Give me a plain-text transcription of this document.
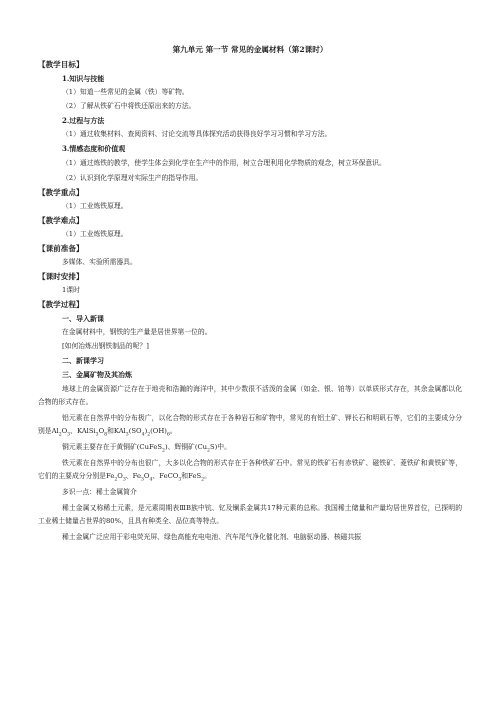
第九单元 第一节 常见的金属材料（第2课时）
【教学目标】
1.知识与技能
（1）知道一些常见的金属（铁）等矿物。
（2）了解从铁矿石中将铁还原出来的方法。
2.过程与方法
（1）通过收集材料、查阅资料、讨论交流等具体探究活动获得良好学习习惯和学习方法。
3.情感态度和价值观
（1）通过炼铁的教学，使学生体会到化学在生产中的作用，树立合理利用化学物质的观念，树立环保意识。
（2）认识到化学原理对实际生产的指导作用。
【教学重点】
（1）工业炼铁原理。
【教学难点】
（1）工业炼铁原理。
【课前准备】
多媒体、实验所需器具。
【课时安排】
1课时
【教学过程】
一、导入新课
在金属材料中，钢铁的生产量是居世界第一位的。
[如何冶炼出钢铁制品的呢？]
二、新课学习
三、金属矿物及其冶炼
地球上的金属资源广泛存在于地壳和浩瀚的海洋中，其中少数很不活泼的金属（如金、银、铂等）以单质形式存在，其余金属都以化合物的形式存在。
铝元素在自然界中的分布极广，以化合物的形式存在于各种岩石和矿物中，常见的有铝土矿、钾长石和明矾石等，它们的主要成分分别是$Al_2O_3$、$KAlSi_3O_8$和$KAl_3(SO_4)_2(OH)_6$。
铜元素主要存在于黄铜矿(CuFeS$_2$)、辉铜矿$(Cu_2S)$中。
铁元素在自然界中的分布也很广，大多以化合物的形式存在于各种铁矿石中。常见的铁矿石有赤铁矿、磁铁矿、菱铁矿和黄铁矿等，它们的主要成分分别是$Fe_2O_3$、$Fe_3O_4$、FeCO$_3$和FeS$_2$。
多识一点：稀土金属简介
稀土金属又称稀土元素，是元素周期表ⅢB族中钪、钇及镧系金属共17种元素的总称。我国稀土储量和产量均居世界首位，已探明的工业稀土储量占世界的80%，且具有种类全、品位高等特点。
稀土金属广泛应用于彩电荧光屏、绿色高能充电电池、汽车尾气净化催化剂、电脑驱动器、核磁共振
